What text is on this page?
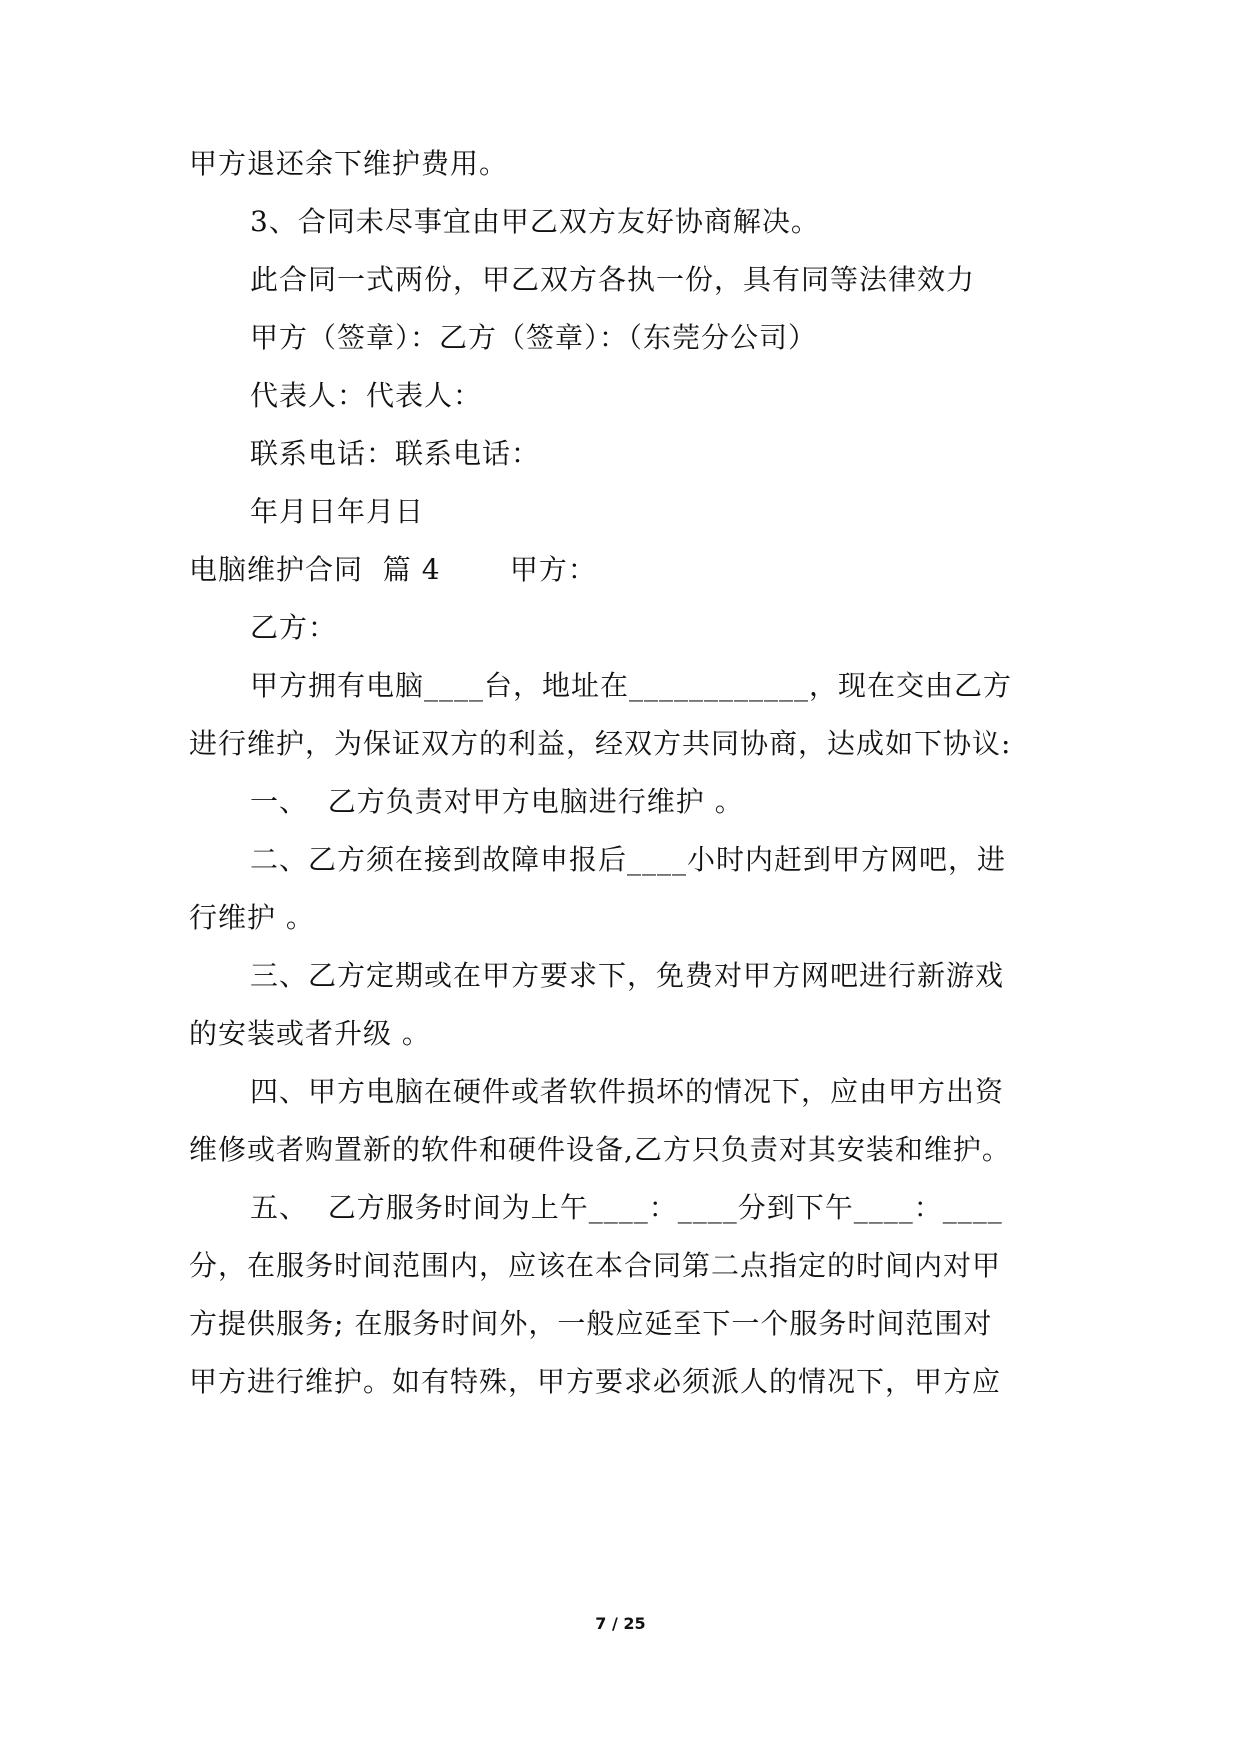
甲方退还余下维护费用。
3、合同未尽事宜由甲乙双方友好协商解决。
此合同一式两份，甲乙双方各执一份，具有同等法律效力
甲方（签章）：乙方（签章）：（东莞分公司）
代表人：代表人：
联系电话：联系电话：
年月日年月日
电脑维护合同  篇 4       甲方：
乙方：
甲方拥有电脑____台，地址在____________，现在交由乙方
进行维护，为保证双方的利益，经双方共同协商，达成如下协议:
一、  乙方负责对甲方电脑进行维护 。
二、乙方须在接到故障申报后____小时内赶到甲方网吧，进
行维护 。
三、乙方定期或在甲方要求下，免费对甲方网吧进行新游戏
的安装或者升级 。
四、甲方电脑在硬件或者软件损坏的情况下，应由甲方出资
维修或者购置新的软件和硬件设备,乙方只负责对其安装和维护。
五、  乙方服务时间为上午____：____分到下午____：____
分，在服务时间范围内，应该在本合同第二点指定的时间内对甲
方提供服务; 在服务时间外，一般应延至下一个服务时间范围对
甲方进行维护。如有特殊，甲方要求必须派人的情况下，甲方应
7 / 25
